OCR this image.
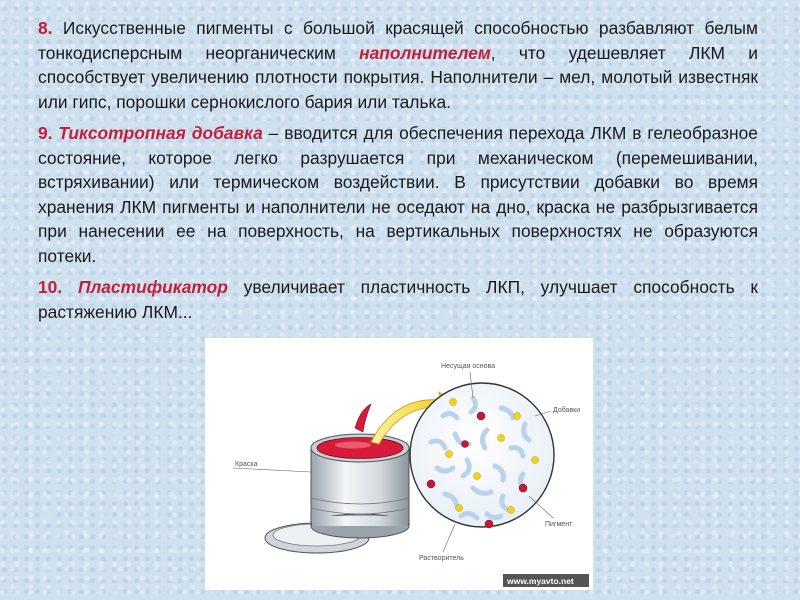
8. Искусственные пигменты с большой красящей способностью разбавляют белым тонкодисперсным неорганическим наполнителем, что удешевляет ЛКМ и способствует увеличению плотности покрытия. Наполнители – мел, молотый известняк или гипс, порошки сернокислого бария или талька.

9. Тиксотропная добавка – вводится для обеспечения перехода ЛКМ в гелеобразное состояние, которое легко разрушается при механическом (перемешивании, встряхивании) или термическом воздействии. В присутствии добавки во время хранения ЛКМ пигменты и наполнители не оседают на дно, краска не разбрызгивается при нанесении ее на поверхность, на вертикальных поверхностях не образуются потеки.

10. Пластификатор увеличивает пластичность ЛКП, улучшает способность к растяжению ЛКМ...

Несущая основа
Добавки
Краска
Пигмент
Растворитель
www.myavto.net
